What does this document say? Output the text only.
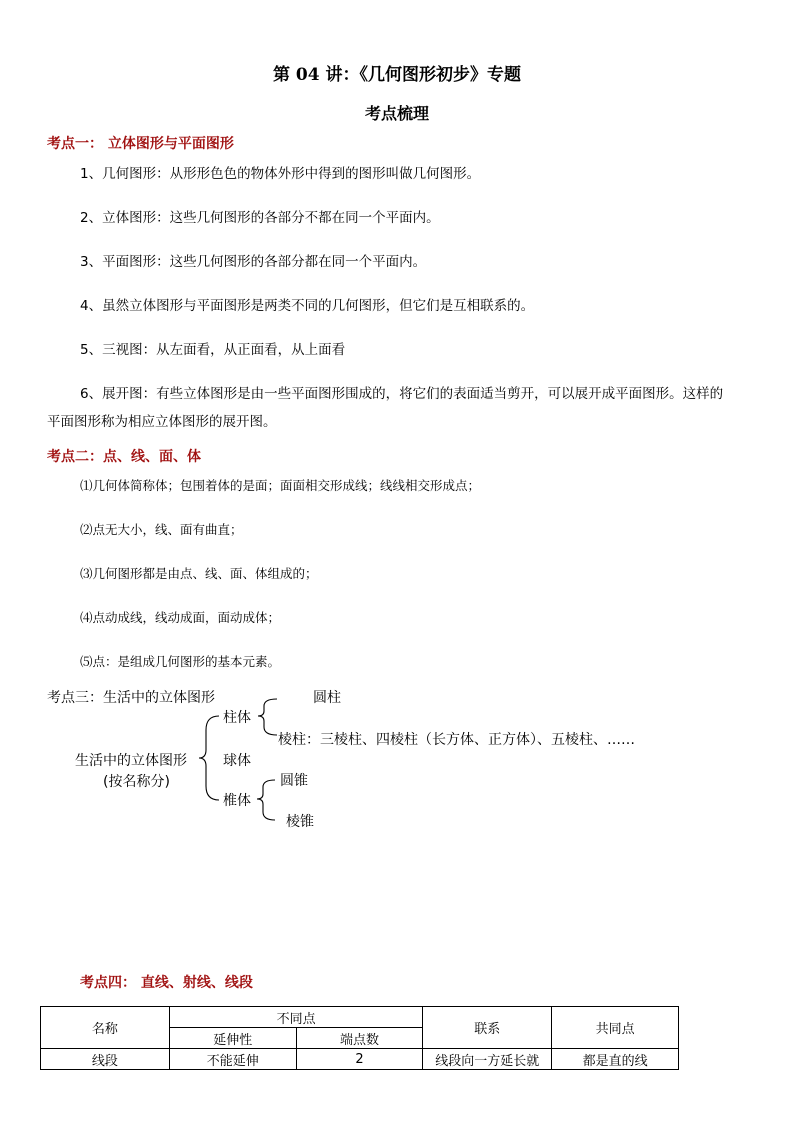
第 04 讲：《几何图形初步》专题
考点梳理
考点一： 立体图形与平面图形
1、几何图形：从形形色色的物体外形中得到的图形叫做几何图形。
2、立体图形：这些几何图形的各部分不都在同一个平面内。
3、平面图形：这些几何图形的各部分都在同一个平面内。
4、虽然立体图形与平面图形是两类不同的几何图形，但它们是互相联系的。
5、三视图：从左面看，从正面看，从上面看
6、展开图：有些立体图形是由一些平面图形围成的，将它们的表面适当剪开，可以展开成平面图形。这样的
平面图形称为相应立体图形的展开图。
考点二：点、线、面、体
⑴几何体简称体；包围着体的是面；面面相交形成线；线线相交形成点；
⑵点无大小，线、面有曲直；
⑶几何图形都是由点、线、面、体组成的；
⑷点动成线，线动成面，面动成体；
⑸点：是组成几何图形的基本元素。
考点三：生活中的立体图形
生活中的立体图形
(按名称分)
柱体
球体
椎体
圆柱
棱柱：三棱柱、四棱柱（长方体、正方体）、五棱柱、……
圆锥
棱锥
考点四： 直线、射线、线段
名称	不同点		联系	共同点
	延伸性	端点数		
线段	不能延伸	2	线段向一方延长就	都是直的线
